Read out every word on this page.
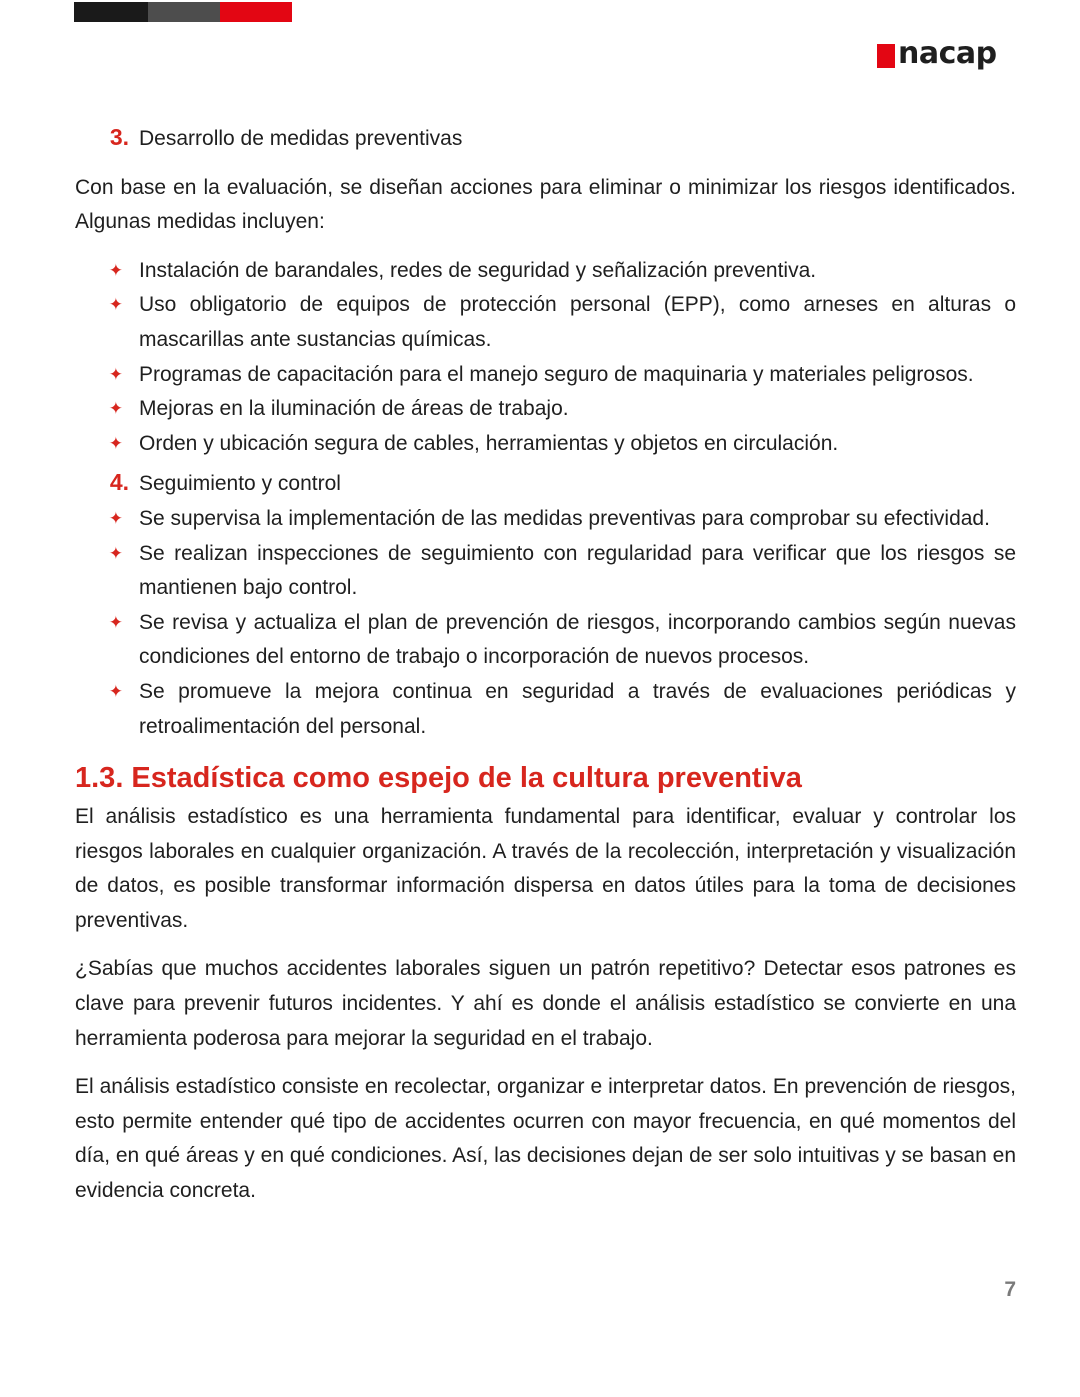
nacap
3. Desarrollo de medidas preventivas

Con base en la evaluación, se diseñan acciones para eliminar o minimizar los riesgos identificados. Algunas medidas incluyen:

✦ Instalación de barandales, redes de seguridad y señalización preventiva.
✦ Uso obligatorio de equipos de protección personal (EPP), como arneses en alturas o mascarillas ante sustancias químicas.
✦ Programas de capacitación para el manejo seguro de maquinaria y materiales peligrosos.
✦ Mejoras en la iluminación de áreas de trabajo.
✦ Orden y ubicación segura de cables, herramientas y objetos en circulación.
4. Seguimiento y control
✦ Se supervisa la implementación de las medidas preventivas para comprobar su efectividad.
✦ Se realizan inspecciones de seguimiento con regularidad para verificar que los riesgos se mantienen bajo control.
✦ Se revisa y actualiza el plan de prevención de riesgos, incorporando cambios según nuevas condiciones del entorno de trabajo o incorporación de nuevos procesos.
✦ Se promueve la mejora continua en seguridad a través de evaluaciones periódicas y retroalimentación del personal.
1.3. Estadística como espejo de la cultura preventiva

El análisis estadístico es una herramienta fundamental para identificar, evaluar y controlar los riesgos laborales en cualquier organización. A través de la recolección, interpretación y visualización de datos, es posible transformar información dispersa en datos útiles para la toma de decisiones preventivas.

¿Sabías que muchos accidentes laborales siguen un patrón repetitivo? Detectar esos patrones es clave para prevenir futuros incidentes. Y ahí es donde el análisis estadístico se convierte en una herramienta poderosa para mejorar la seguridad en el trabajo.

El análisis estadístico consiste en recolectar, organizar e interpretar datos. En prevención de riesgos, esto permite entender qué tipo de accidentes ocurren con mayor frecuencia, en qué momentos del día, en qué áreas y en qué condiciones. Así, las decisiones dejan de ser solo intuitivas y se basan en evidencia concreta.

7
